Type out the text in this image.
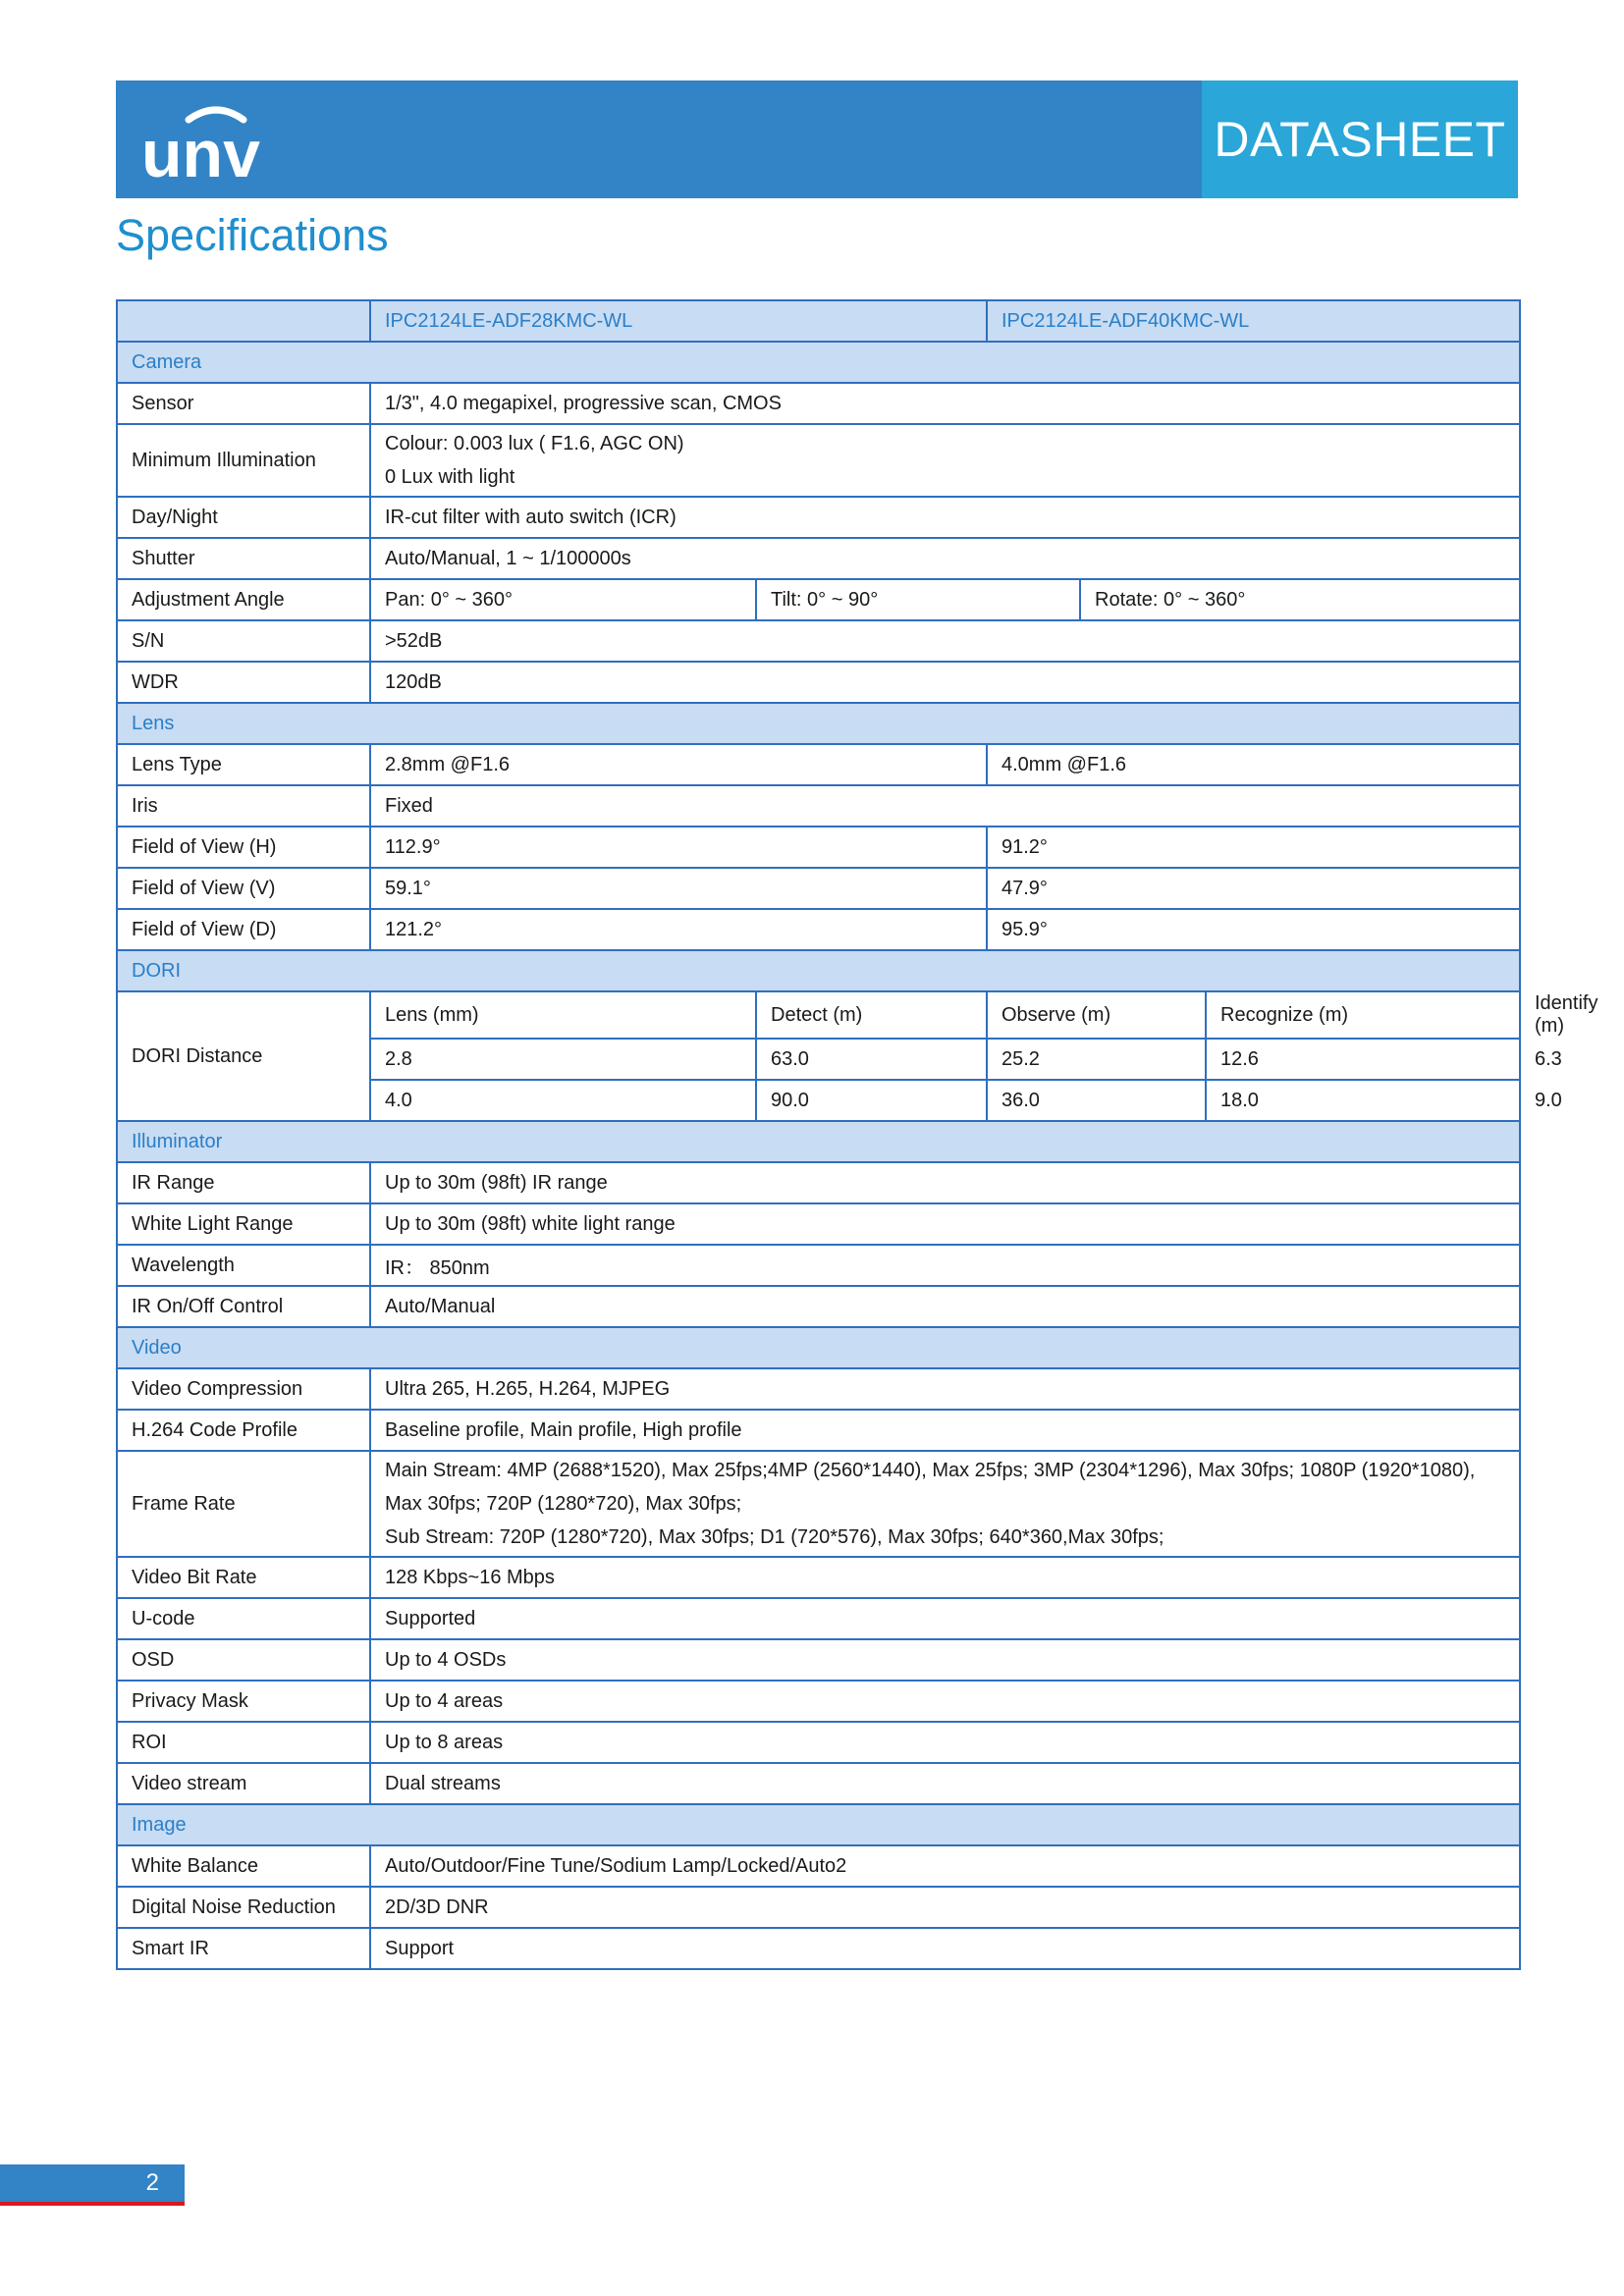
unv	DATASHEET
Specifications
	IPC2124LE-ADF28KMC-WL		IPC2124LE-ADF40KMC-WL			
Camera						
Sensor	1/3", 4.0 megapixel, progressive scan, CMOS					
Minimum Illumination	Colour: 0.003 lux ( F1.6, AGC ON)
0 Lux with light					

Day/Night	IR-cut filter with auto switch (ICR)					
Shutter	Auto/Manual, 1 ~ 1/100000s					
Adjustment Angle	Pan: 0° ~ 360°	Tilt: 0° ~ 90°		Rotate: 0° ~ 360°		
S/N	>52dB					
WDR	120dB					
Lens						
Lens Type	2.8mm @F1.6		4.0mm @F1.6			
Iris	Fixed					
Field of View (H)	112.9°		91.2°			
Field of View (V)	59.1°		47.9°			
Field of View (D)	121.2°		95.9°			
DORI						
DORI Distance	Lens (mm)	Detect (m)	Observe (m)		Recognize (m)	Identify (m)
	2.8	63.0	25.2		12.6	6.3
	4.0	90.0	36.0		18.0	9.0
Illuminator						
IR Range	Up to 30m (98ft) IR range					
White Light Range	Up to 30m (98ft) white light range					
Wavelength	IR： 850nm					
IR On/Off Control	Auto/Manual					
Video						
Video Compression	Ultra 265, H.265, H.264, MJPEG					
H.264 Code Profile	Baseline profile, Main profile, High profile					
Frame Rate	Main Stream: 4MP (2688*1520), Max 25fps;4MP (2560*1440), Max 25fps; 3MP (2304*1296), Max 30fps; 1080P (1920*1080), Max 30fps; 720P (1280*720), Max 30fps;
Sub Stream: 720P (1280*720), Max 30fps; D1 (720*576), Max 30fps; 640*360,Max 30fps;					

Video Bit Rate	128 Kbps~16 Mbps					
U-code	Supported					
OSD	Up to 4 OSDs					
Privacy Mask	Up to 4 areas					
ROI	Up to 8 areas					
Video stream	Dual streams					
Image						
White Balance	Auto/Outdoor/Fine Tune/Sodium Lamp/Locked/Auto2					
Digital Noise Reduction	2D/3D DNR					
Smart IR	Support					
2
